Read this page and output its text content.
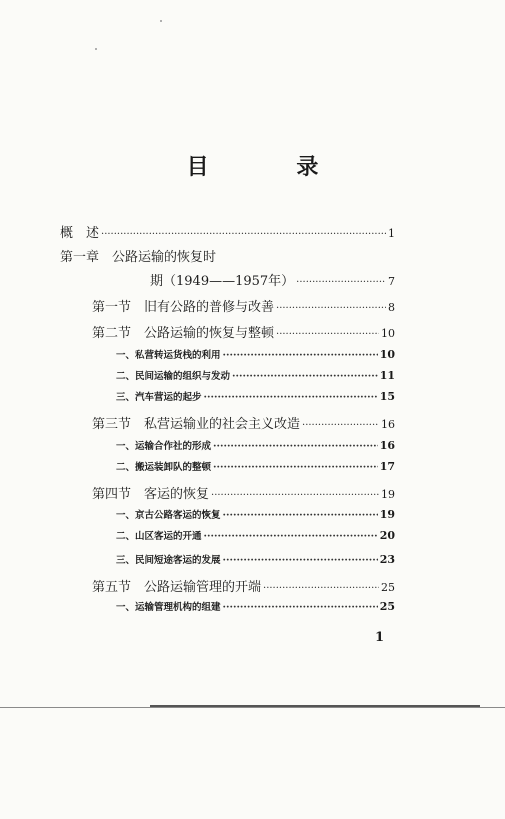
目 录
概　述 ·····	1
第一章　公路运输的恢复时
期（1949——1957年） ·····	7
第一节　旧有公路的普修与改善 ·····	8
第二节　公路运输的恢复与整顿 ·····	10
一、私营转运货栈的利用 ·····	10
二、民间运输的组织与发动 ·····	11
三、汽车营运的起步 ·····	15
第三节　私营运输业的社会主义改造 ·····	16
一、运输合作社的形成 ·····	16
二、搬运装卸队的整顿 ·····	17
第四节　客运的恢复 ·····	19
一、京古公路客运的恢复 ·····	19
二、山区客运的开通 ·····	20
三、民间短途客运的发展 ·····	23
第五节　公路运输管理的开端 ·····	25
一、运输管理机构的组建 ·····	25
1
